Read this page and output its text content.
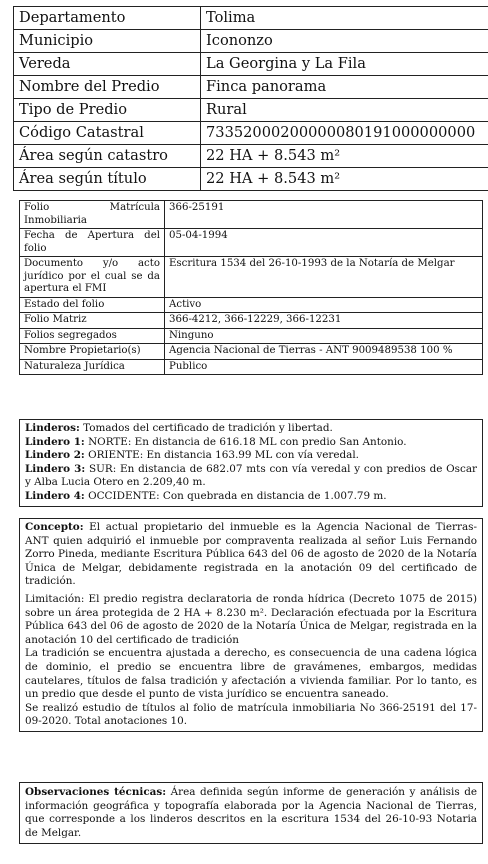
Departamento	Tolima
Municipio	Icononzo
Vereda	La Georgina y La Fila
Nombre del Predio	Finca panorama
Tipo de Predio	Rural
Código Catastral	73352000200000080191000000000
Área según catastro	22 HA + 8.543 m²
Área según título	22 HA + 8.543 m²
Folio Matrícula Inmobiliaria	366-25191
Fecha de Apertura del folio	05-04-1994
Documento y/o acto jurídico por el cual se da apertura el FMI	Escritura 1534 del 26-10-1993 de la Notaría de Melgar
Estado del folio	Activo
Folio Matriz	366-4212, 366-12229, 366-12231
Folios segregados	Ninguno
Nombre Propietario(s)	Agencia Nacional de Tierras - ANT 9009489538 100 %
Naturaleza Jurídica	Publico

Linderos: Tomados del certificado de tradición y libertad.

Lindero 1: NORTE: En distancia de 616.18 ML con predio San Antonio.

Lindero 2: ORIENTE: En distancia 163.99 ML con vía veredal.

Lindero 3: SUR: En distancia de 682.07 mts con vía veredal y con predios de Oscar y Alba Lucia Otero en 2.209,40 m.

Lindero 4: OCCIDENTE: Con quebrada en distancia de 1.007.79 m.

Concepto: El actual propietario del inmueble es la Agencia Nacional de Tierras- ANT quien adquirió el inmueble por compraventa realizada al señor Luis Fernando Zorro Pineda, mediante Escritura Pública 643 del 06 de agosto de 2020 de la Notaría Única de Melgar, debidamente registrada en la anotación 09 del certificado de tradición.

Limitación: El predio registra declaratoria de ronda hídrica (Decreto 1075 de 2015) sobre un área protegida de 2 HA + 8.230 m². Declaración efectuada por la Escritura Pública 643 del 06 de agosto de 2020 de la Notaría Única de Melgar, registrada en la anotación 10 del certificado de tradición

La tradición se encuentra ajustada a derecho, es consecuencia de una cadena lógica de dominio, el predio se encuentra libre de gravámenes, embargos, medidas cautelares, títulos de falsa tradición y afectación a vivienda familiar. Por lo tanto, es un predio que desde el punto de vista jurídico se encuentra saneado.

Se realizó estudio de títulos al folio de matrícula inmobiliaria No 366-25191 del 17-09-2020. Total anotaciones 10.

Observaciones técnicas: Área definida según informe de generación y análisis de información geográfica y topografía elaborada por la Agencia Nacional de Tierras, que corresponde a los linderos descritos en la escritura 1534 del 26-10-93 Notaria de Melgar.
